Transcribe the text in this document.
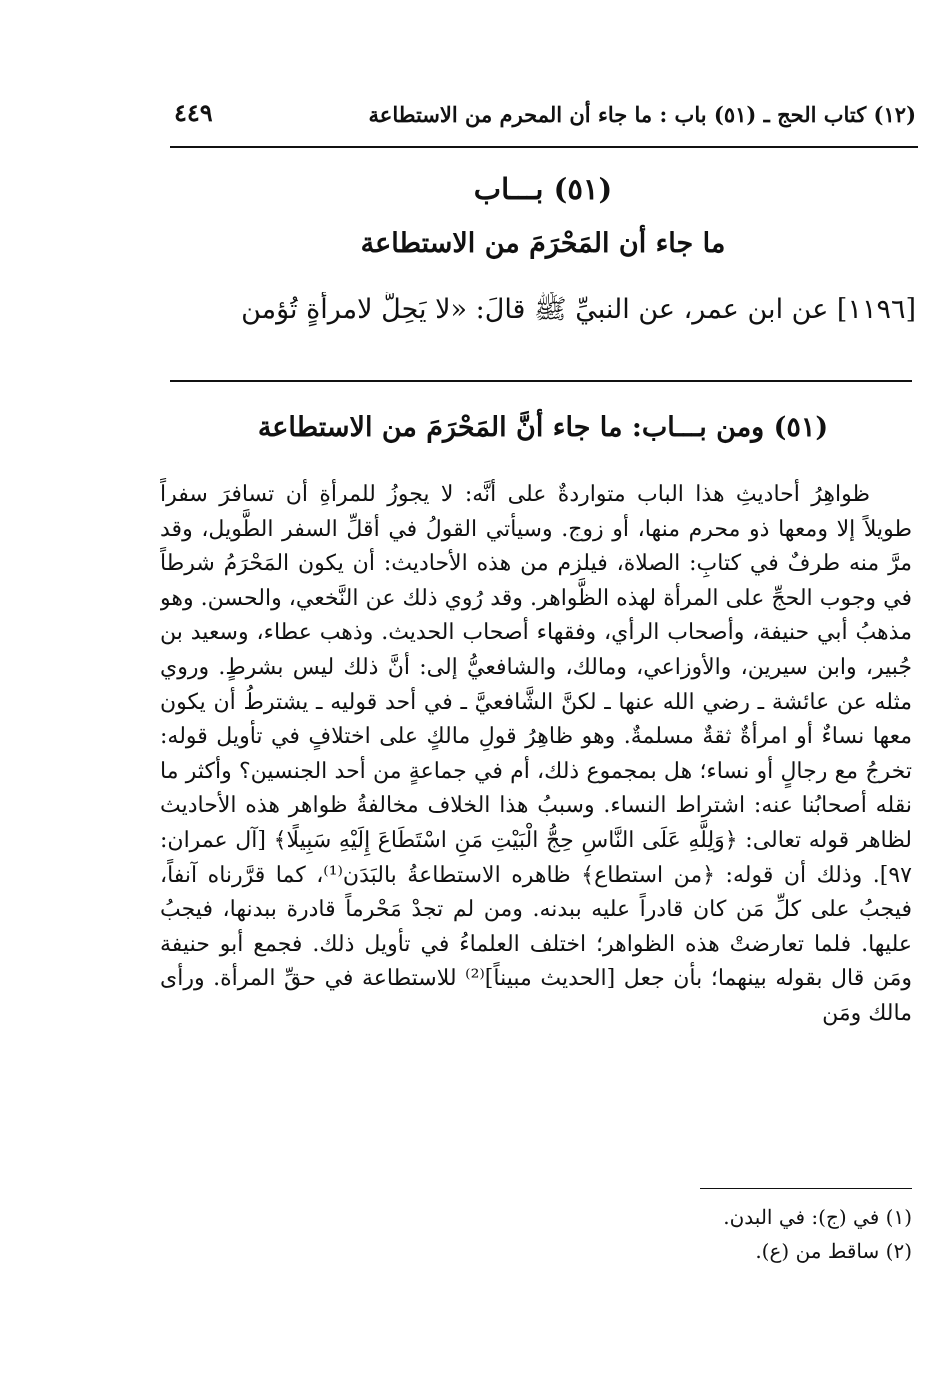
(١٢) كتاب الحج ـ (٥١) باب : ما جاء أن المحرم من الاستطاعة
٤٤٩
(٥١) بـــاب
ما جاء أن المَحْرَمَ من الاستطاعة
[١١٩٦] عن ابن عمر، عن النبيِّ ﷺ قالَ: «لا يَحِلُّ لامرأةٍ تُؤمن
(٥١) ومن بـــاب: ما جاء أنَّ المَحْرَمَ من الاستطاعة

ظواهِرُ أحاديثِ هذا الباب متواردةٌ على أنَّه: لا يجوزُ للمرأةِ أن تسافرَ سفراً طويلاً إلا ومعها ذو محرم منها، أو زوج. وسيأتي القولُ في أقلِّ السفر الطَّويل، وقد مرَّ منه طرفٌ في كتابِ: الصلاة، فيلزم من هذه الأحاديث: أن يكون المَحْرَمُ شرطاً في وجوب الحجِّ على المرأة لهذه الظَّواهر. وقد رُوي ذلك عن النَّخعي، والحسن. وهو مذهبُ أبي حنيفة، وأصحاب الرأي، وفقهاء أصحاب الحديث. وذهب عطاء، وسعيد بن جُبير، وابن سيرين، والأوزاعي، ومالك، والشافعيُّ إلى: أنَّ ذلك ليس بشرطٍ. وروي مثله عن عائشة ـ رضي الله عنها ـ لكنَّ الشَّافعيَّ ـ في أحد قوليه ـ يشترطُ أن يكون معها نساءٌ أو امرأةٌ ثقةٌ مسلمةٌ. وهو ظاهِرُ قولِ مالكٍ على اختلافٍ في تأويل قوله: تخرجُ مع رجالٍ أو نساء؛ هل بمجموع ذلك، أم في جماعةٍ من أحد الجنسين؟ وأكثر ما نقله أصحابُنا عنه: اشتراط النساء. وسببُ هذا الخلاف مخالفةُ ظواهر هذه الأحاديث لظاهر قوله تعالى: ﴿وَلِلَّهِ عَلَى النَّاسِ حِجُّ الْبَيْتِ مَنِ اسْتَطَاعَ إِلَيْهِ سَبِيلًا﴾ [آل عمران: ٩٧]. وذلك أن قوله: ﴿من استطاع﴾ ظاهره الاستطاعةُ بالبَدَن⁽¹⁾، كما قرَّرناه آنفاً، فيجبُ على كلِّ مَن كان قادراً عليه ببدنه. ومن لم تجدْ مَحْرماً قادرة ببدنها، فيجبُ عليها. فلما تعارضتْ هذه الظواهر؛ اختلف العلماءُ في تأويل ذلك. فجمع أبو حنيفة ومَن قال بقوله بينهما؛ بأن جعل [الحديث مبيناً]⁽²⁾ للاستطاعة في حقِّ المرأة. ورأى مالك ومَن

(١) في (ج): في البدن.
(٢) ساقط من (ع).
